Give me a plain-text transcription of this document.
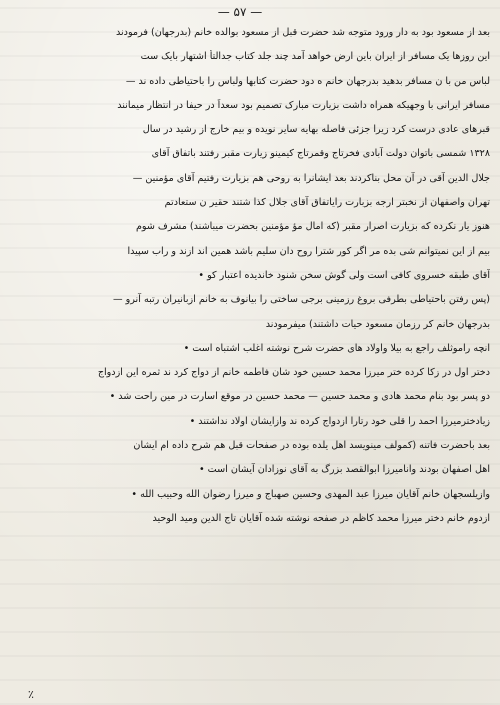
— ۵۷ —
بعد از مسعود بود به دار ورود متوجه شد حضرت قبل از مسعود بوالده خانم (بدرجهان) فرمودند
این روزها یک مسافر از ایران باین ارض خواهد آمد چند جلد کتاب جدالتأ اشتهار بایک ست
لباس من با ن مسافر بدهید بدرجهان خانم ه دود حضرت کتابها ولباس را باحتیاطی داده ند —
مسافر ایرانی با وجهیکه همراه داشت بزیارت مبارک تصمیم بود سعداً در حیفا در انتظار میمانند
قبرهای عادی درست کرد زیرا جزئی فاصله بهایه سایر نویده و بیم خارج از رشید در سال
۱۳۲۸ شمسی باتوان دولت آبادی فخرتاج وقمرتاج کیمینو زیارت مقبر رفتند باتفاق آقای
جلال الدین آقی در آن محل بناکردند بعد ایشانرا به روحی هم بزیارت رفتیم آقای مؤمنین —
تهران واصفهان از نخبتر ارجه بزبارت رایاتفاق آقای جلال کذا شتند حقیر ن ستعادتم
هنوز یار نکرده که بزیارت اصرار مقبر (که امال مؤ مؤمنین بحضرت میباشند) مشرف شوم
بیم از این نمیتوانم شی بده مر اگر کور شترا روح دان سلیم باشد همین اند ازند و راب سپیدا
آقای طبقه خسروی کافی است ولی گوش سخن شنود خاندیده اعتبار کو •
(پس رفتن باحتیاطی بطرفی بروغ رزمینی برجی ساختی را بیانوف به خانم ازبانیران رتبه آنرو —
بدرجهان خانم کر رزمان مسعود حیات داشتند) میفرمودند
انچه راموثلف راجع به بیلا واولاد های حضرت شرح نوشته اغلب اشتباه است •
دختر اول در زکا کرده ختر میرزا محمد حسین خود شان فاطمه خانم از دواج کرد ند ثمره این ازدواج
دو پسر بود بنام محمد هادی و محمد حسین — محمد حسین در موقع اسارت در مین راحت شد •
زیادخترمیرزا احمد را قلی خود رتارا ازدواج کرده ند وازایشان اولاد نداشتند •
بعد باحضرت فاتنه (کمولف مینویسد اهل یلده بوده در صفحات قبل هم شرح داده ام ایشان
اهل اصفهان بودند وانامیرزا ابوالقصد بزرگ به آقای نوزادان آیشان است •
وازیلسجهان خانم آقایان میرزا عبد المهدی وحسین صهباج و میرزا رضوان الله وحبیب الله •
ازدوم خانم دختر میرزا محمد کاظم در صفحه نوشته شده آقایان تاج الدین ومید الوحید
٪
